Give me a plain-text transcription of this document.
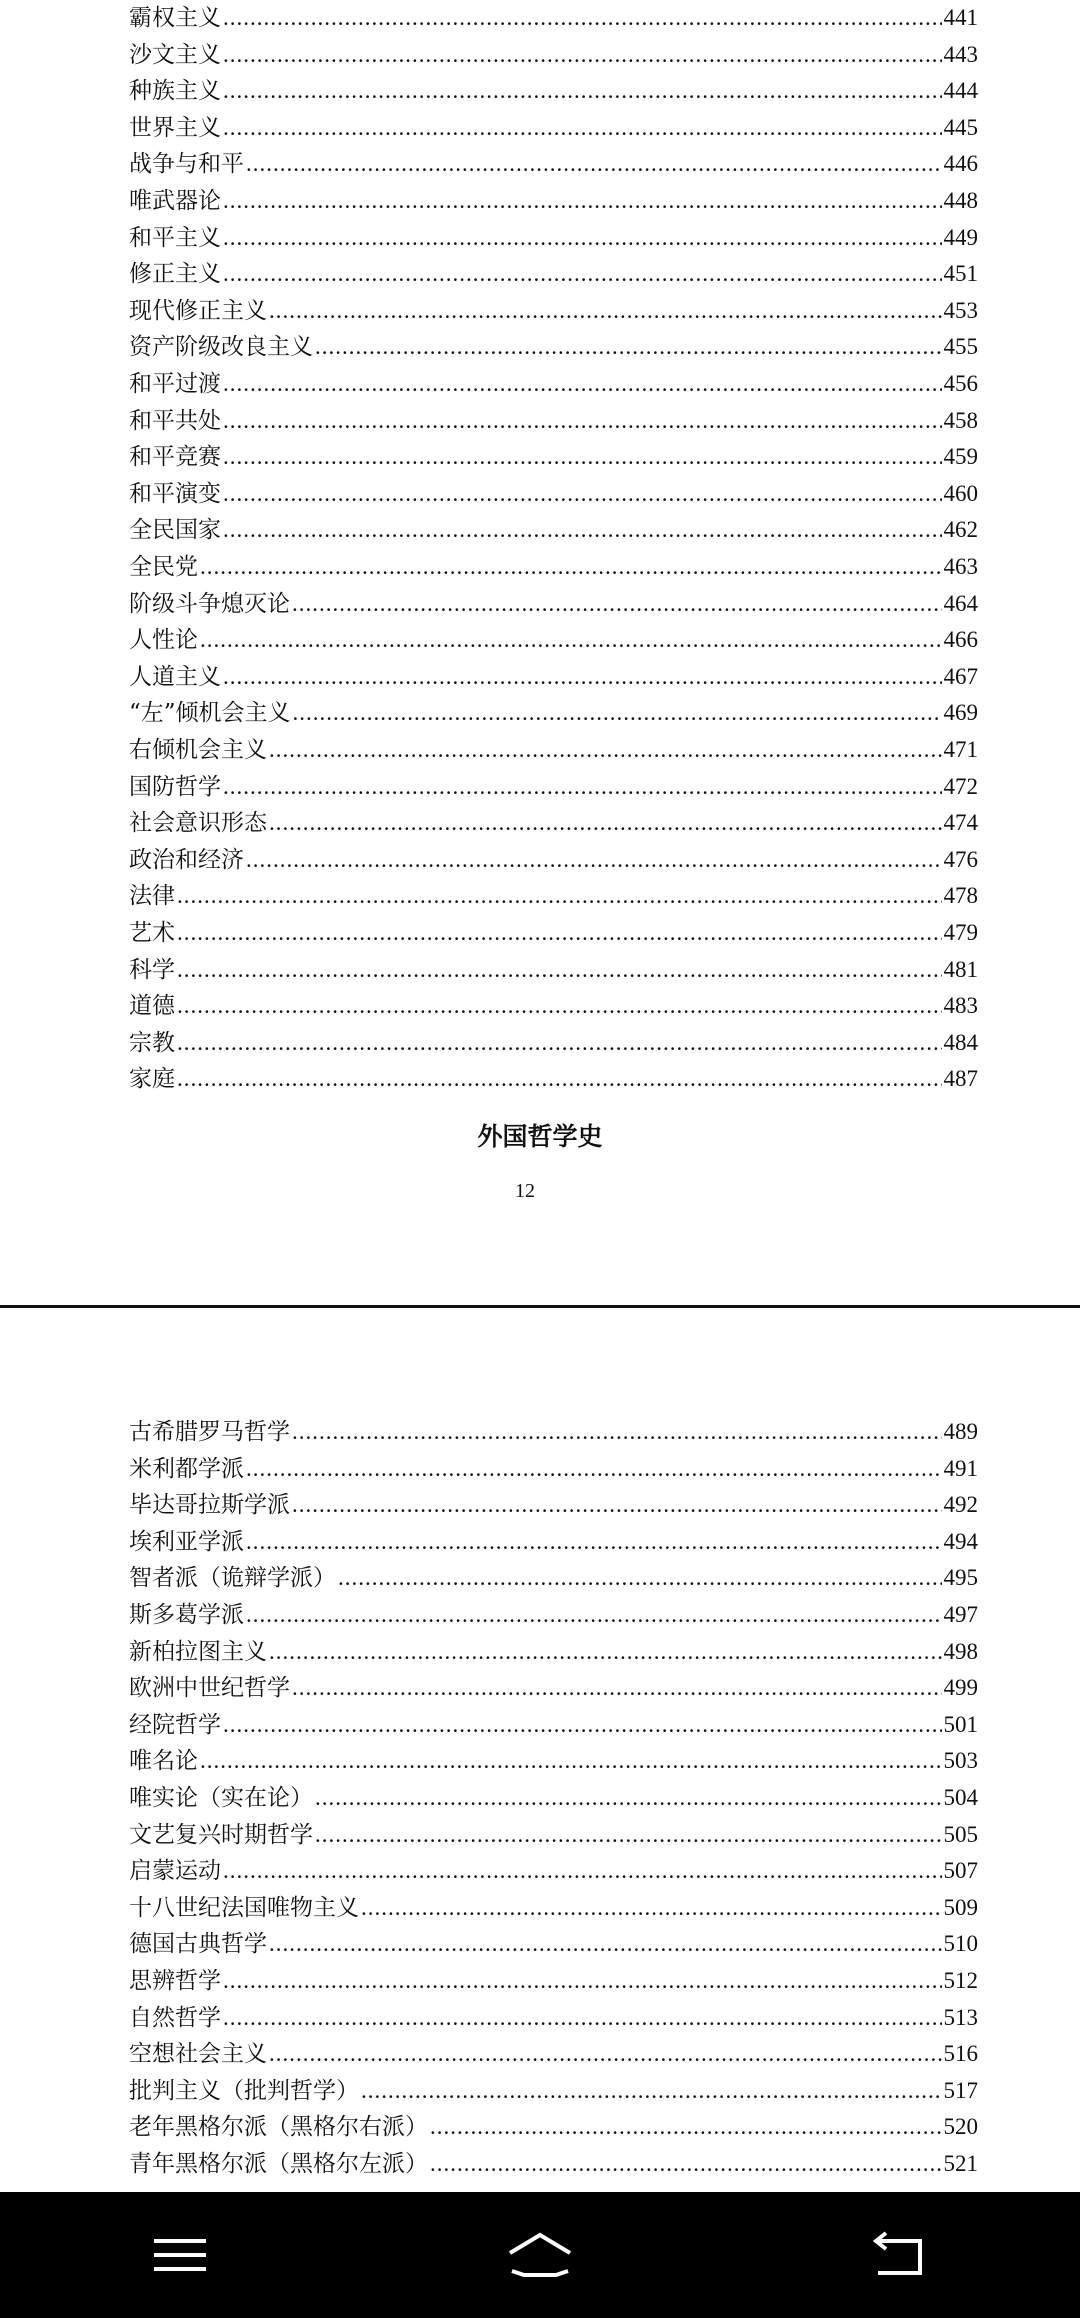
霸权主义 .....	441
沙文主义 .....	443
种族主义 .....	444
世界主义 .....	445
战争与和平 .....	446
唯武器论 .....	448
和平主义 .....	449
修正主义 .....	451
现代修正主义 .....	453
资产阶级改良主义 .....	455
和平过渡 .....	456
和平共处 .....	458
和平竞赛 .....	459
和平演变 .....	460
全民国家 .....	462
全民党 .....	463
阶级斗争熄灭论 .....	464
人性论 .....	466
人道主义 .....	467
“左”倾机会主义 .....	469
右倾机会主义 .....	471
国防哲学 .....	472
社会意识形态 .....	474
政治和经济 .....	476
法律 .....	478
艺术 .....	479
科学 .....	481
道德 .....	483
宗教 .....	484
家庭 .....	487
外国哲学史
12
古希腊罗马哲学 .....	489
米利都学派 .....	491
毕达哥拉斯学派 .....	492
埃利亚学派 .....	494
智者派（诡辩学派） .....	495
斯多葛学派 .....	497
新柏拉图主义 .....	498
欧洲中世纪哲学 .....	499
经院哲学 .....	501
唯名论 .....	503
唯实论（实在论） .....	504
文艺复兴时期哲学 .....	505
启蒙运动 .....	507
十八世纪法国唯物主义 .....	509
德国古典哲学 .....	510
思辨哲学 .....	512
自然哲学 .....	513
空想社会主义 .....	516
批判主义（批判哲学） .....	517
老年黑格尔派（黑格尔右派） .....	520
青年黑格尔派（黑格尔左派） .....	521
